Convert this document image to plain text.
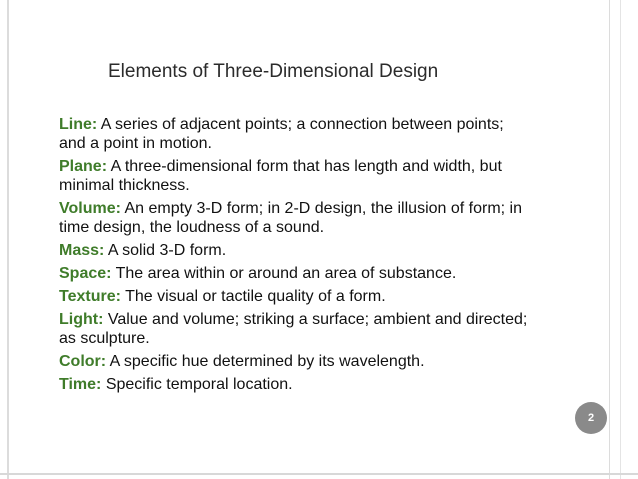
Elements of Three-Dimensional Design
Line: A series of adjacent points; a connection between points; and a point in motion.
Plane: A three-dimensional form that has length and width, but minimal thickness.
Volume: An empty 3-D form; in 2-D design, the illusion of form; in time design, the loudness of a sound.
Mass: A solid 3-D form.
Space: The area within or around an area of substance.
Texture: The visual or tactile quality of a form.
Light: Value and volume; striking a surface; ambient and directed; as sculpture.
Color: A specific hue determined by its wavelength.
Time: Specific temporal location.
2
